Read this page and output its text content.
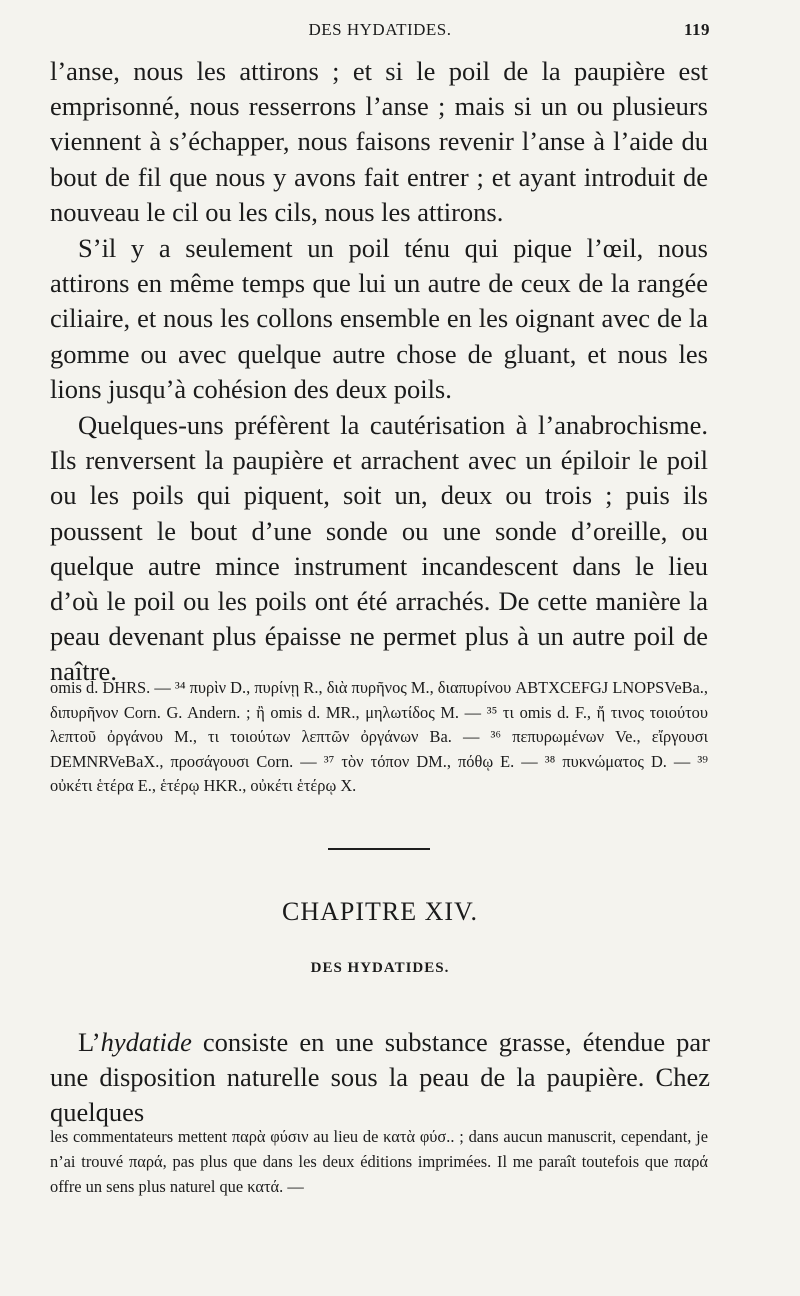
DES HYDATIDES.	119

l’anse, nous les attirons ; et si le poil de la paupière est emprisonné, nous resserrons l’anse ; mais si un ou plusieurs viennent à s’échapper, nous faisons revenir l’anse à l’aide du bout de fil que nous y avons fait entrer ; et ayant introduit de nouveau le cil ou les cils, nous les attirons.

S’il y a seulement un poil ténu qui pique l’œil, nous attirons en même temps que lui un autre de ceux de la rangée ciliaire, et nous les collons ensemble en les oignant avec de la gomme ou avec quelque autre chose de gluant, et nous les lions jusqu’à cohésion des deux poils.

Quelques-uns préfèrent la cautérisation à l’anabrochisme. Ils renversent la paupière et arrachent avec un épiloir le poil ou les poils qui piquent, soit un, deux ou trois ; puis ils poussent le bout d’une sonde ou une sonde d’oreille, ou quelque autre mince instrument incandescent dans le lieu d’où le poil ou les poils ont été arrachés. De cette manière la peau devenant plus épaisse ne permet plus à un autre poil de naître.

omis d. DHRS. — ³⁴ πυρὶν D., πυρίνῃ R., διὰ πυρῆνος M., διαπυρίνου ABTXCEFGJ LNOPSVeBa., διπυρῆνον Corn. G. Andern. ; ἢ omis d. MR., μηλωτίδος M. — ³⁵ τι omis d. F., ἤ τινος τοιούτου λεπτοῦ ὀργάνου M., τι τοιούτων λεπτῶν ὀργάνων Ba. — ³⁶ πεπυρωμένων Ve., εἴργουσι DEMNRVeBaX., προσάγουσι Corn. — ³⁷ τὸν τόπον DM., πόθῳ E. — ³⁸ πυκνώματος D. — ³⁹ οὐκέτι ἑτέρα E., ἑτέρῳ HKR., οὐκέτι ἑτέρῳ X.
CHAPITRE XIV.
DES HYDATIDES.

L’hydatide consiste en une substance grasse, étendue par une disposition naturelle sous la peau de la paupière. Chez quelques

les commentateurs mettent παρὰ φύσιν au lieu de κατὰ φύσ.. ; dans aucun manuscrit, cependant, je n’ai trouvé παρά, pas plus que dans les deux éditions imprimées. Il me paraît toutefois que παρά offre un sens plus naturel que κατά. —
